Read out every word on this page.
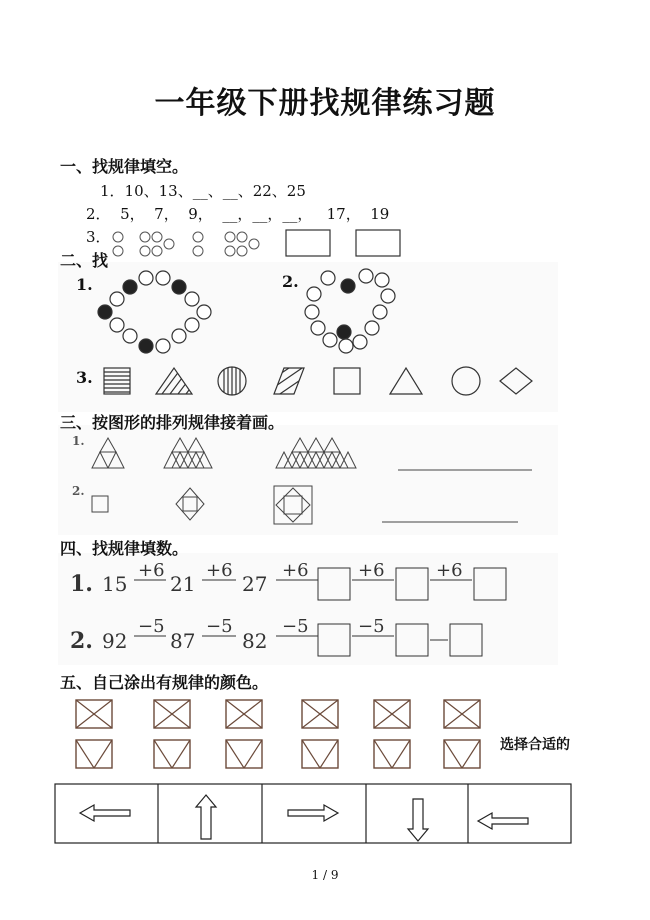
一年级下册找规律练习题
一、找规律填空。
1．10、13、__、__、22、25
2．  5，  7，  9，  __，__，__，   17，  19
3．
二、找
1.	2.
3.
三、按图形的排列规律接着画。
1.
2.
四、找规律填数。
1. 15
+6
21
+6
27
+6	+6	+6
2. 92
−5
87
−5
82
−5	−5
五、自己涂出有规律的颜色。
选择合适的
1 / 9
